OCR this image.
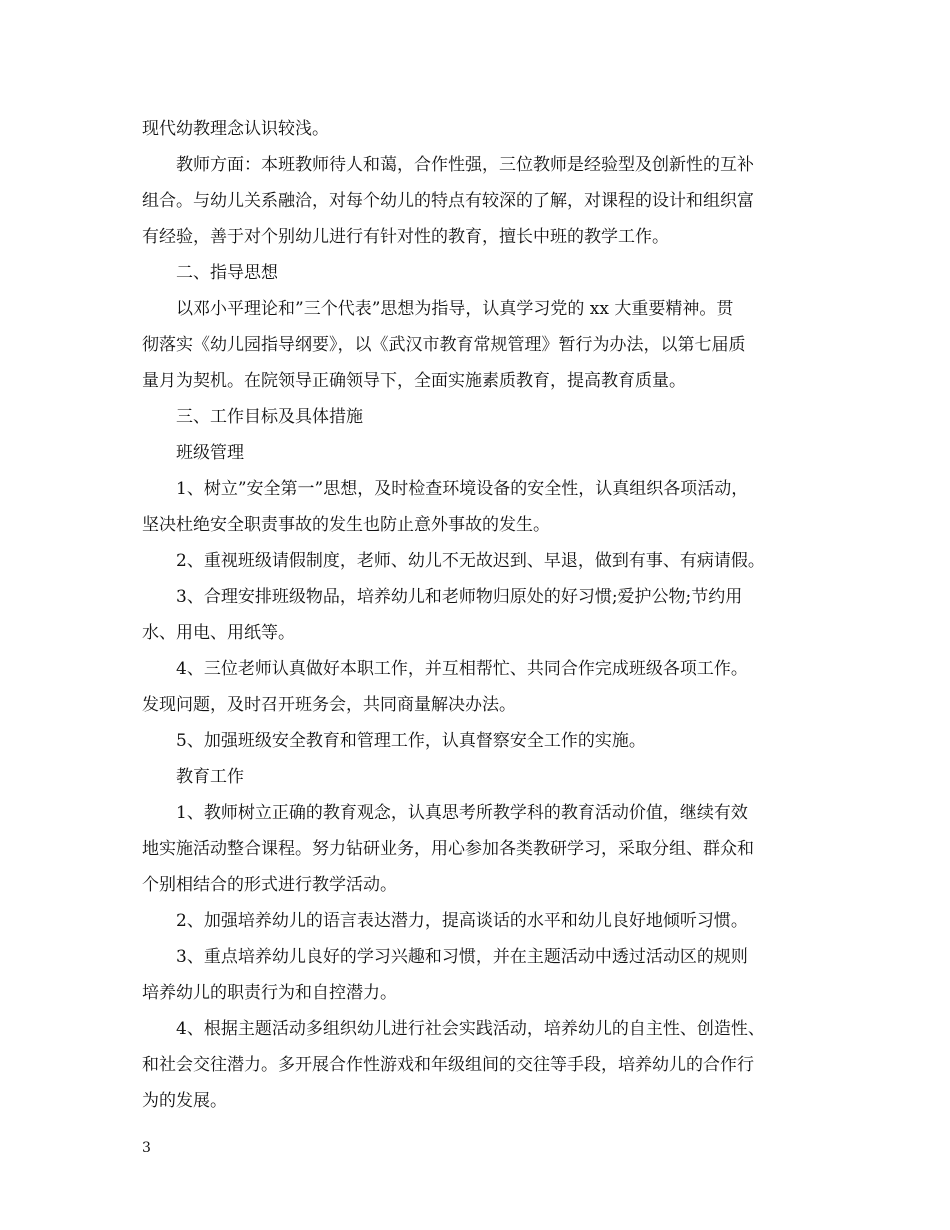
现代幼教理念认识较浅。
教师方面：本班教师待人和蔼，合作性强，三位教师是经验型及创新性的互补
组合。与幼儿关系融洽，对每个幼儿的特点有较深的了解，对课程的设计和组织富
有经验，善于对个别幼儿进行有针对性的教育，擅长中班的教学工作。
二、指导思想
以邓小平理论和”三个代表”思想为指导，认真学习党的 xx 大重要精神。贯
彻落实《幼儿园指导纲要》，以《武汉市教育常规管理》暂行为办法，以第七届质
量月为契机。在院领导正确领导下，全面实施素质教育，提高教育质量。
三、工作目标及具体措施
班级管理
1、树立”安全第一”思想，及时检查环境设备的安全性，认真组织各项活动，
坚决杜绝安全职责事故的发生也防止意外事故的发生。
2、重视班级请假制度，老师、幼儿不无故迟到、早退，做到有事、有病请假。
3、合理安排班级物品，培养幼儿和老师物归原处的好习惯;爱护公物;节约用
水、用电、用纸等。
4、三位老师认真做好本职工作，并互相帮忙、共同合作完成班级各项工作。
发现问题，及时召开班务会，共同商量解决办法。
5、加强班级安全教育和管理工作，认真督察安全工作的实施。
教育工作
1、教师树立正确的教育观念，认真思考所教学科的教育活动价值，继续有效
地实施活动整合课程。努力钻研业务，用心参加各类教研学习，采取分组、群众和
个别相结合的形式进行教学活动。
2、加强培养幼儿的语言表达潜力，提高谈话的水平和幼儿良好地倾听习惯。
3、重点培养幼儿良好的学习兴趣和习惯，并在主题活动中透过活动区的规则
培养幼儿的职责行为和自控潜力。
4、根据主题活动多组织幼儿进行社会实践活动，培养幼儿的自主性、创造性、
和社会交往潜力。多开展合作性游戏和年级组间的交往等手段，培养幼儿的合作行
为的发展。
3
